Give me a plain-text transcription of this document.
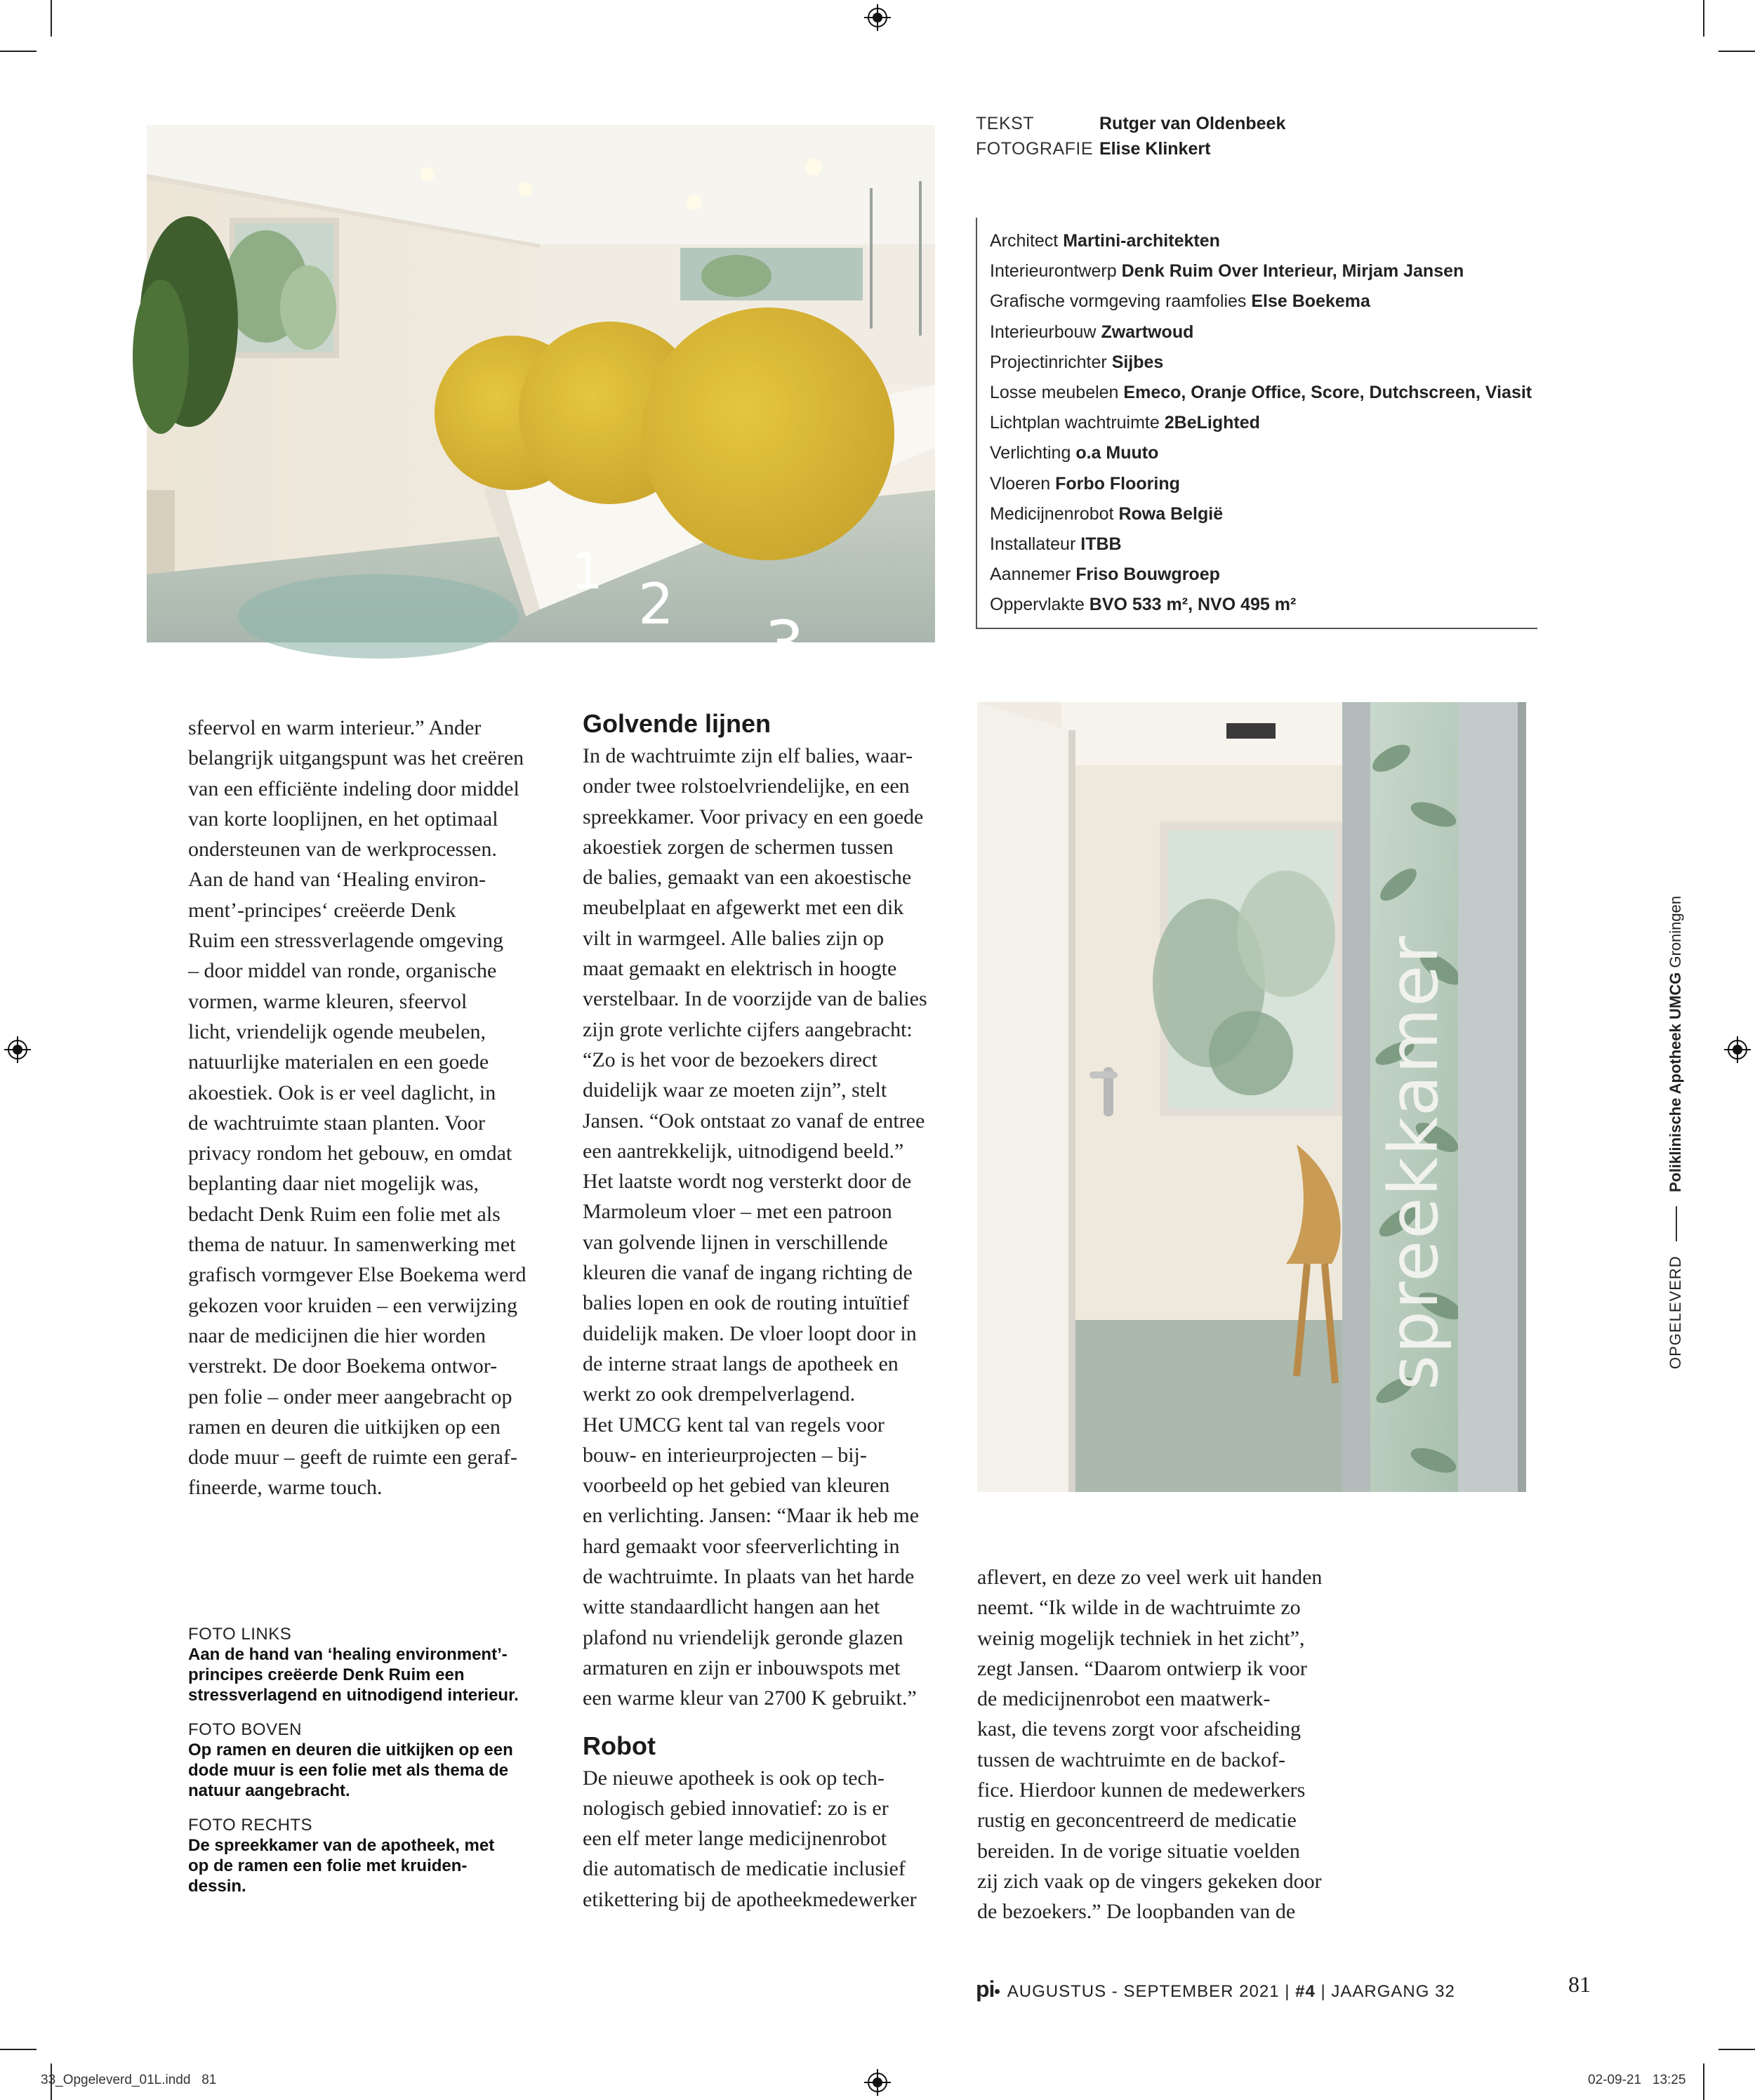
1 2
3
TEKST	Rutger van Oldenbeek
FOTOGRAFIE Elise Klinkert
Architect Martini-architekten
Interieurontwerp Denk Ruim Over Interieur, Mirjam Jansen
Grafische vormgeving raamfolies Else Boekema
Interieurbouw Zwartwoud
Projectinrichter Sijbes
Losse meubelen Emeco, Oranje Office, Score, Dutchscreen, Viasit
Lichtplan wachtruimte 2BeLighted
Verlichting o.a Muuto
Vloeren Forbo Flooring
Medicijnenrobot Rowa België
Installateur ITBB
Aannemer Friso Bouwgroep
Oppervlakte BVO 533 m², NVO 495 m²

sfeervol en warm interieur.” Ander

belangrijk uitgangspunt was het creëren

van een efficiënte indeling door middel

van korte looplijnen, en het optimaal

ondersteunen van de werkprocessen.

Aan de hand van ‘Healing environ-

ment’-principes‘ creëerde Denk

Ruim een stressverlagende omgeving

– door middel van ronde, organische

vormen, warme kleuren, sfeervol

licht, vriendelijk ogende meubelen,

natuurlijke materialen en een goede

akoestiek. Ook is er veel daglicht, in

de wachtruimte staan planten. Voor

privacy rondom het gebouw, en omdat

beplanting daar niet mogelijk was,

bedacht Denk Ruim een folie met als

thema de natuur. In samenwerking met

grafisch vormgever Else Boekema werd

gekozen voor kruiden – een verwijzing

naar de medicijnen die hier worden

verstrekt. De door Boekema ontwor-

pen folie – onder meer aangebracht op

ramen en deuren die uitkijken op een

dode muur – geeft de ruimte een geraf-

fineerde, warme touch.

Golvende lijnen

In de wachtruimte zijn elf balies, waar-

onder twee rolstoelvriendelijke, en een

spreekkamer. Voor privacy en een goede

akoestiek zorgen de schermen tussen

de balies, gemaakt van een akoestische

meubelplaat en afgewerkt met een dik

vilt in warmgeel. Alle balies zijn op

maat gemaakt en elektrisch in hoogte

verstelbaar. In de voorzijde van de balies

zijn grote verlichte cijfers aangebracht:

“Zo is het voor de bezoekers direct

duidelijk waar ze moeten zijn”, stelt

Jansen. “Ook ontstaat zo vanaf de entree

een aantrekkelijk, uitnodigend beeld.”

Het laatste wordt nog versterkt door de

Marmoleum vloer – met een patroon

van golvende lijnen in verschillende

kleuren die vanaf de ingang richting de

balies lopen en ook de routing intuïtief

duidelijk maken. De vloer loopt door in

de interne straat langs de apotheek en

werkt zo ook drempelverlagend.

Het UMCG kent tal van regels voor

bouw- en interieurprojecten – bij-

voorbeeld op het gebied van kleuren

en verlichting. Jansen: “Maar ik heb me

hard gemaakt voor sfeerverlichting in

de wachtruimte. In plaats van het harde

witte standaardlicht hangen aan het

plafond nu vriendelijk geronde glazen

armaturen en zijn er inbouwspots met

een warme kleur van 2700 K gebruikt.”

Robot

De nieuwe apotheek is ook op tech-

nologisch gebied innovatief: zo is er

een elf meter lange medicijnenrobot

die automatisch de medicatie inclusief

etikettering bij de apotheekmedewerker

spreekkamer

aflevert, en deze zo veel werk uit handen

neemt. “Ik wilde in de wachtruimte zo

weinig mogelijk techniek in het zicht”,

zegt Jansen. “Daarom ontwierp ik voor

de medicijnenrobot een maatwerk-

kast, die tevens zorgt voor afscheiding

tussen de wachtruimte en de backof-

fice. Hierdoor kunnen de medewerkers

rustig en geconcentreerd de medicatie

bereiden. In de vorige situatie voelden

zij zich vaak op de vingers gekeken door

de bezoekers.” De loopbanden van de

FOTO LINKS
Aan de hand van ‘healing environment’-
principes creëerde Denk Ruim een
stressverlagend en uitnodigend interieur.
FOTO BOVEN
Op ramen en deuren die uitkijken op een
dode muur is een folie met als thema de
natuur aangebracht.
FOTO RECHTS
De spreekkamer van de apotheek, met
op de ramen een folie met kruiden-
dessin.
OPGELEVERD  Poliklinische Apotheek UMCG Groningen
pi AUGUSTUS - SEPTEMBER 2021 | #4 | JAARGANG 32	81
33_Opgeleverd_01L.indd   81	02-09-21   13:25
